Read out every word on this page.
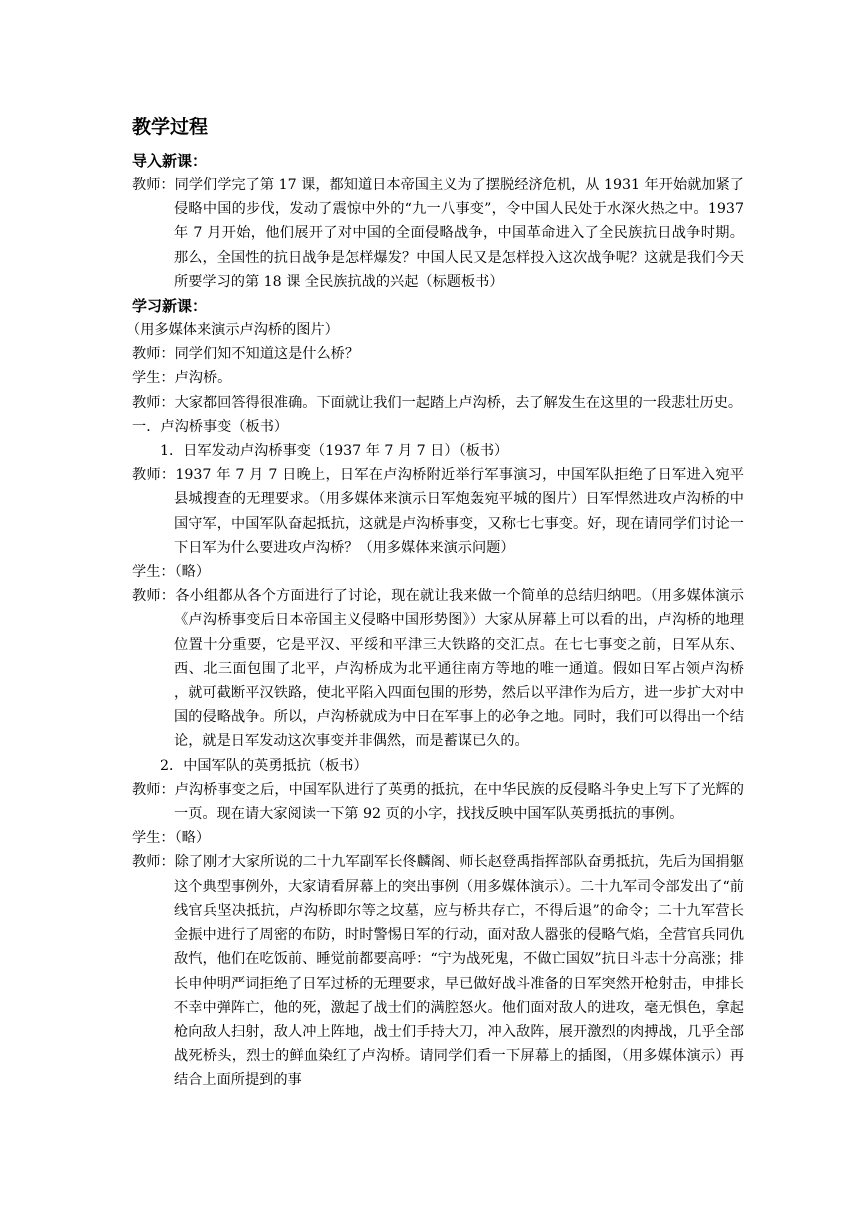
教学过程
导入新课：

教师：同学们学完了第 17 课，都知道日本帝国主义为了摆脱经济危机，从 1931 年开始就加紧了侵略中国的步伐，发动了震惊中外的“九一八事变”，令中国人民处于水深火热之中。1937 年 7 月开始，他们展开了对中国的全面侵略战争，中国革命进入了全民族抗日战争时期。那么，全国性的抗日战争是怎样爆发？中国人民又是怎样投入这次战争呢？这就是我们今天所要学习的第 18 课 全民族抗战的兴起（标题板书）

学习新课：

（用多媒体来演示卢沟桥的图片）

教师：同学们知不知道这是什么桥？

学生：卢沟桥。

教师：大家都回答得很准确。下面就让我们一起踏上卢沟桥，去了解发生在这里的一段悲壮历史。

一．卢沟桥事变（板书）

1．日军发动卢沟桥事变（1937 年 7 月 7 日）（板书）

教师：1937 年 7 月 7 日晚上，日军在卢沟桥附近举行军事演习，中国军队拒绝了日军进入宛平县城搜查的无理要求。（用多媒体来演示日军炮轰宛平城的图片）日军悍然进攻卢沟桥的中国守军，中国军队奋起抵抗，这就是卢沟桥事变，又称七七事变。好，现在请同学们讨论一下日军为什么要进攻卢沟桥？（用多媒体来演示问题）

学生：（略）

教师：各小组都从各个方面进行了讨论，现在就让我来做一个简单的总结归纳吧。（用多媒体演示《卢沟桥事变后日本帝国主义侵略中国形势图》）大家从屏幕上可以看的出，卢沟桥的地理位置十分重要，它是平汉、平绥和平津三大铁路的交汇点。在七七事变之前，日军从东、西、北三面包围了北平，卢沟桥成为北平通往南方等地的唯一通道。假如日军占领卢沟桥 ，就可截断平汉铁路，使北平陷入四面包围的形势，然后以平津作为后方，进一步扩大对中国的侵略战争。所以，卢沟桥就成为中日在军事上的必争之地。同时，我们可以得出一个结论，就是日军发动这次事变并非偶然，而是蓄谋已久的。

2．中国军队的英勇抵抗（板书）

教师：卢沟桥事变之后，中国军队进行了英勇的抵抗，在中华民族的反侵略斗争史上写下了光辉的一页。现在请大家阅读一下第 92 页的小字，找找反映中国军队英勇抵抗的事例。

学生：（略）

教师：除了刚才大家所说的二十九军副军长佟麟阁、师长赵登禹指挥部队奋勇抵抗，先后为国捐躯这个典型事例外，大家请看屏幕上的突出事例（用多媒体演示）。二十九军司令部发出了“前线官兵坚决抵抗，卢沟桥即尔等之坟墓，应与桥共存亡，不得后退”的命令；二十九军营长金振中进行了周密的布防，时时警惕日军的行动，面对敌人嚣张的侵略气焰，全营官兵同仇敌忾，他们在吃饭前、睡觉前都要高呼：“宁为战死鬼，不做亡国奴”抗日斗志十分高涨；排长申仲明严词拒绝了日军过桥的无理要求，早已做好战斗准备的日军突然开枪射击，申排长不幸中弹阵亡，他的死，激起了战士们的满腔怒火。他们面对敌人的进攻，毫无惧色，拿起枪向敌人扫射，敌人冲上阵地，战士们手持大刀，冲入敌阵，展开激烈的肉搏战，几乎全部战死桥头，烈士的鲜血染红了卢沟桥。请同学们看一下屏幕上的插图，（用多媒体演示）再结合上面所提到的事
